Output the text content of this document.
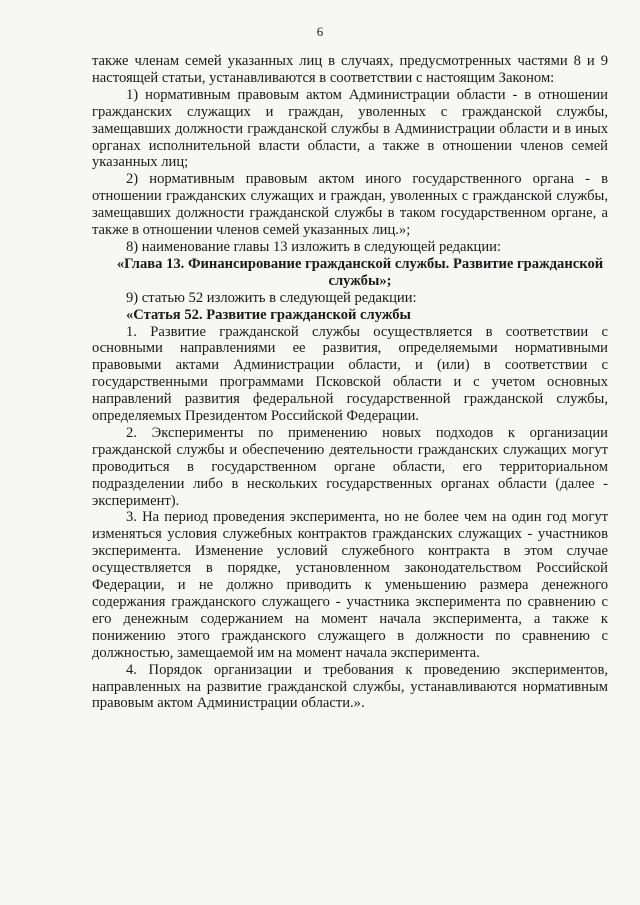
6

также членам семей указанных лиц в случаях, предусмотренных частями 8 и 9 настоящей статьи, устанавливаются в соответствии с настоящим Законом:

1) нормативным правовым актом Администрации области - в отношении гражданских служащих и граждан, уволенных с гражданской службы, замещавших должности гражданской службы в Администрации области и в иных органах исполнительной власти области, а также в отношении членов семей указанных лиц;

2) нормативным правовым актом иного государственного органа - в отношении гражданских служащих и граждан, уволенных с гражданской службы, замещавших должности гражданской службы в таком государственном органе, а также в отношении членов семей указанных лиц.»;

8) наименование главы 13 изложить в следующей редакции:

«Глава 13. Финансирование гражданской службы. Развитие гражданской службы»;

9) статью 52 изложить в следующей редакции:

«Статья 52. Развитие гражданской службы

1. Развитие гражданской службы осуществляется в соответствии с основными направлениями ее развития, определяемыми нормативными правовыми актами Администрации области, и (или) в соответствии с государственными программами Псковской области и с учетом основных направлений развития федеральной государственной гражданской службы, определяемых Президентом Российской Федерации.

2. Эксперименты по применению новых подходов к организации гражданской службы и обеспечению деятельности гражданских служащих могут проводиться в государственном органе области, его территориальном подразделении либо в нескольких государственных органах области (далее - эксперимент).

3. На период проведения эксперимента, но не более чем на один год могут изменяться условия служебных контрактов гражданских служащих - участников эксперимента. Изменение условий служебного контракта в этом случае осуществляется в порядке, установленном законодательством Российской Федерации, и не должно приводить к уменьшению размера денежного содержания гражданского служащего - участника эксперимента по сравнению с его денежным содержанием на момент начала эксперимента, а также к понижению этого гражданского служащего в должности по сравнению с должностью, замещаемой им на момент начала эксперимента.

4. Порядок организации и требования к проведению экспериментов, направленных на развитие гражданской службы, устанавливаются нормативным правовым актом Администрации области.».
